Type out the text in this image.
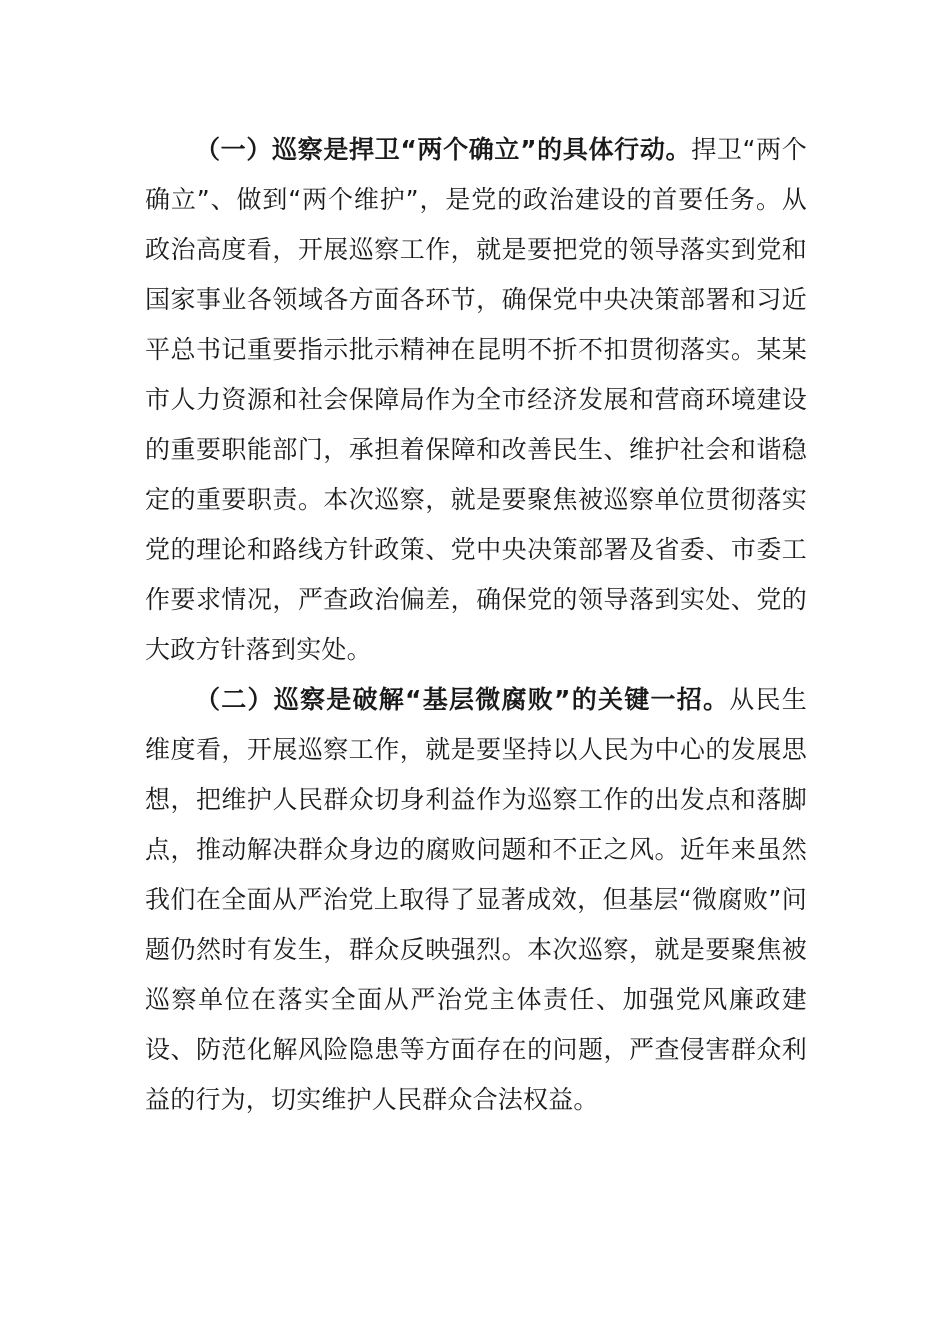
（一）巡察是捍卫“两个确立”的具体行动。捍卫“两个确立”、做到“两个维护”，是党的政治建设的首要任务。从政治高度看，开展巡察工作，就是要把党的领导落实到党和国家事业各领域各方面各环节，确保党中央决策部署和习近平总书记重要指示批示精神在昆明不折不扣贯彻落实。某某市人力资源和社会保障局作为全市经济发展和营商环境建设的重要职能部门，承担着保障和改善民生、维护社会和谐稳定的重要职责。本次巡察，就是要聚焦被巡察单位贯彻落实党的理论和路线方针政策、党中央决策部署及省委、市委工作要求情况，严查政治偏差，确保党的领导落到实处、党的大政方针落到实处。

（二）巡察是破解“基层微腐败”的关键一招。从民生维度看，开展巡察工作，就是要坚持以人民为中心的发展思想，把维护人民群众切身利益作为巡察工作的出发点和落脚点，推动解决群众身边的腐败问题和不正之风。近年来虽然我们在全面从严治党上取得了显著成效，但基层“微腐败”问题仍然时有发生，群众反映强烈。本次巡察，就是要聚焦被巡察单位在落实全面从严治党主体责任、加强党风廉政建设、防范化解风险隐患等方面存在的问题，严查侵害群众利益的行为，切实维护人民群众合法权益。
